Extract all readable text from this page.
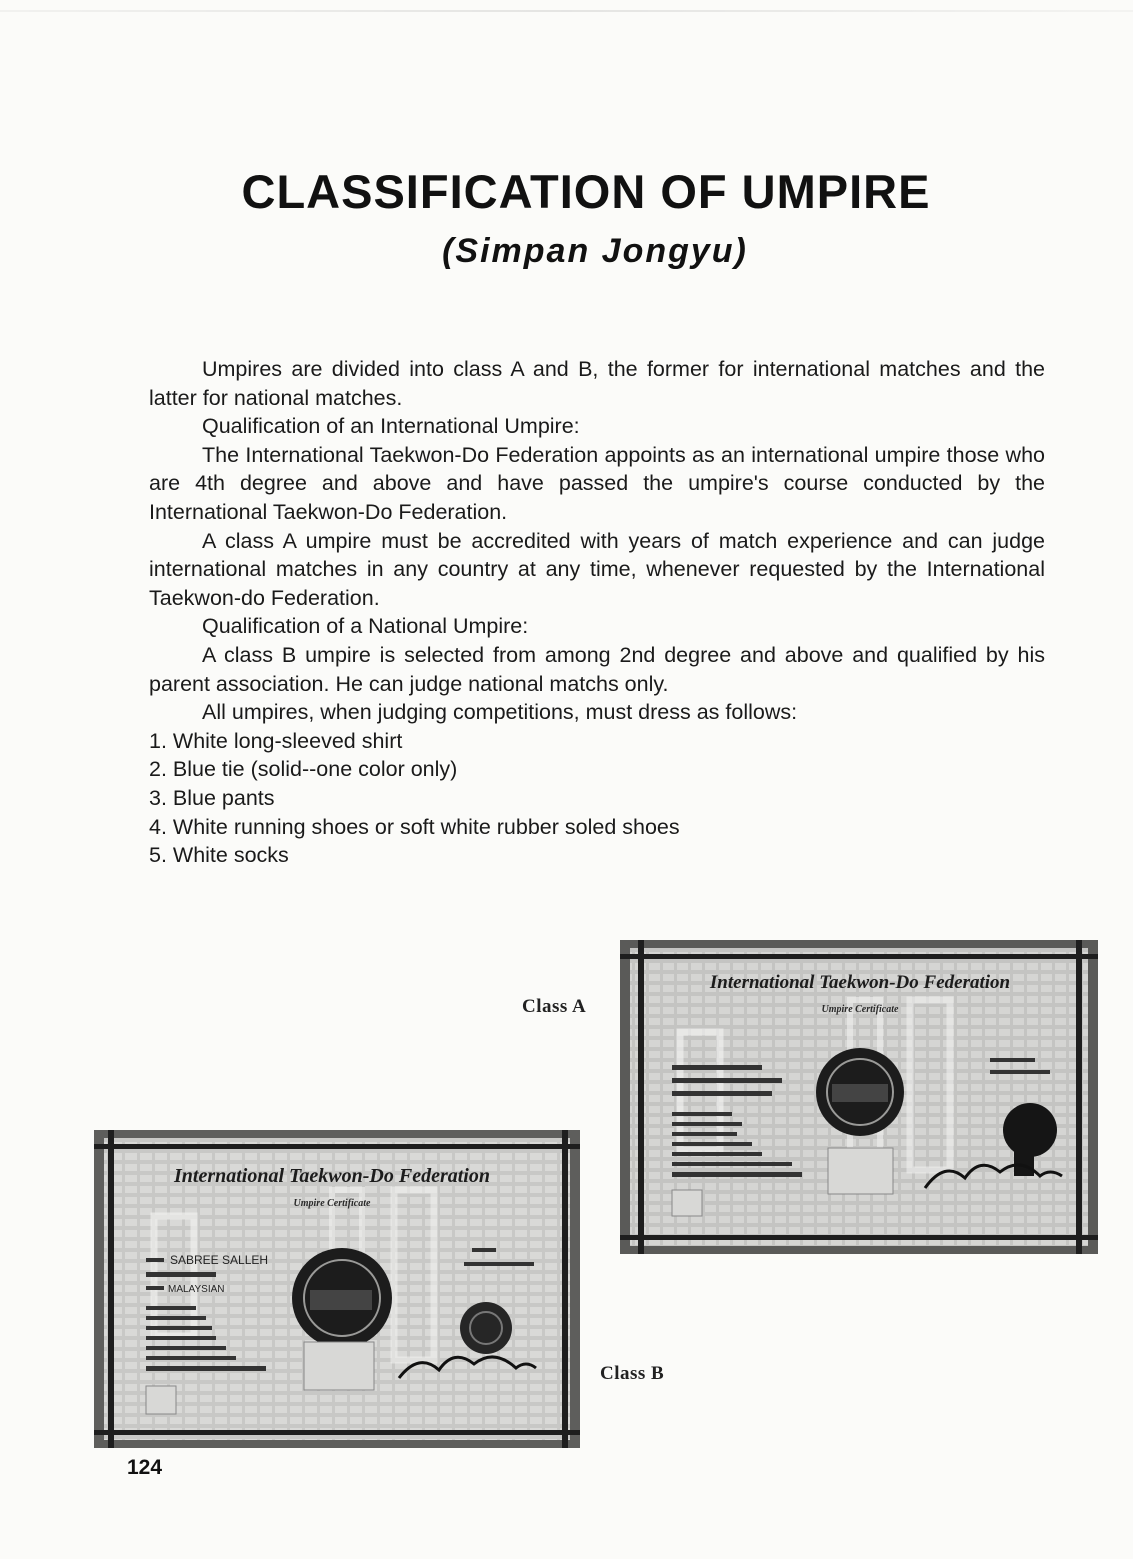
CLASSIFICATION OF UMPIRE
(Simpan Jongyu)

Umpires are divided into class A and B, the former for international matches and the latter for national matches.

Qualification of an International Umpire:

The International Taekwon-Do Federation appoints as an international umpire those who are 4th degree and above and have passed the umpire's course conducted by the International Taekwon-Do Federation.

A class A umpire must be accredited with years of match experience and can judge international matches in any country at any time, whenever requested by the International Taekwon-do Federation.

Qualification of a National Umpire:

A class B umpire is selected from among 2nd degree and above and qualified by his parent association. He can judge national matchs only.

All umpires, when judging competitions, must dress as follows:

1. White long-sleeved shirt
2. Blue tie (solid--one color only)
3. Blue pants
4. White running shoes or soft white rubber soled shoes
5. White socks
International Taekwon-Do Federation
Umpire Certificate
Class A
International Taekwon-Do Federation
Umpire Certificate
SABREE SALLEH
MALAYSIAN
Class B
124
